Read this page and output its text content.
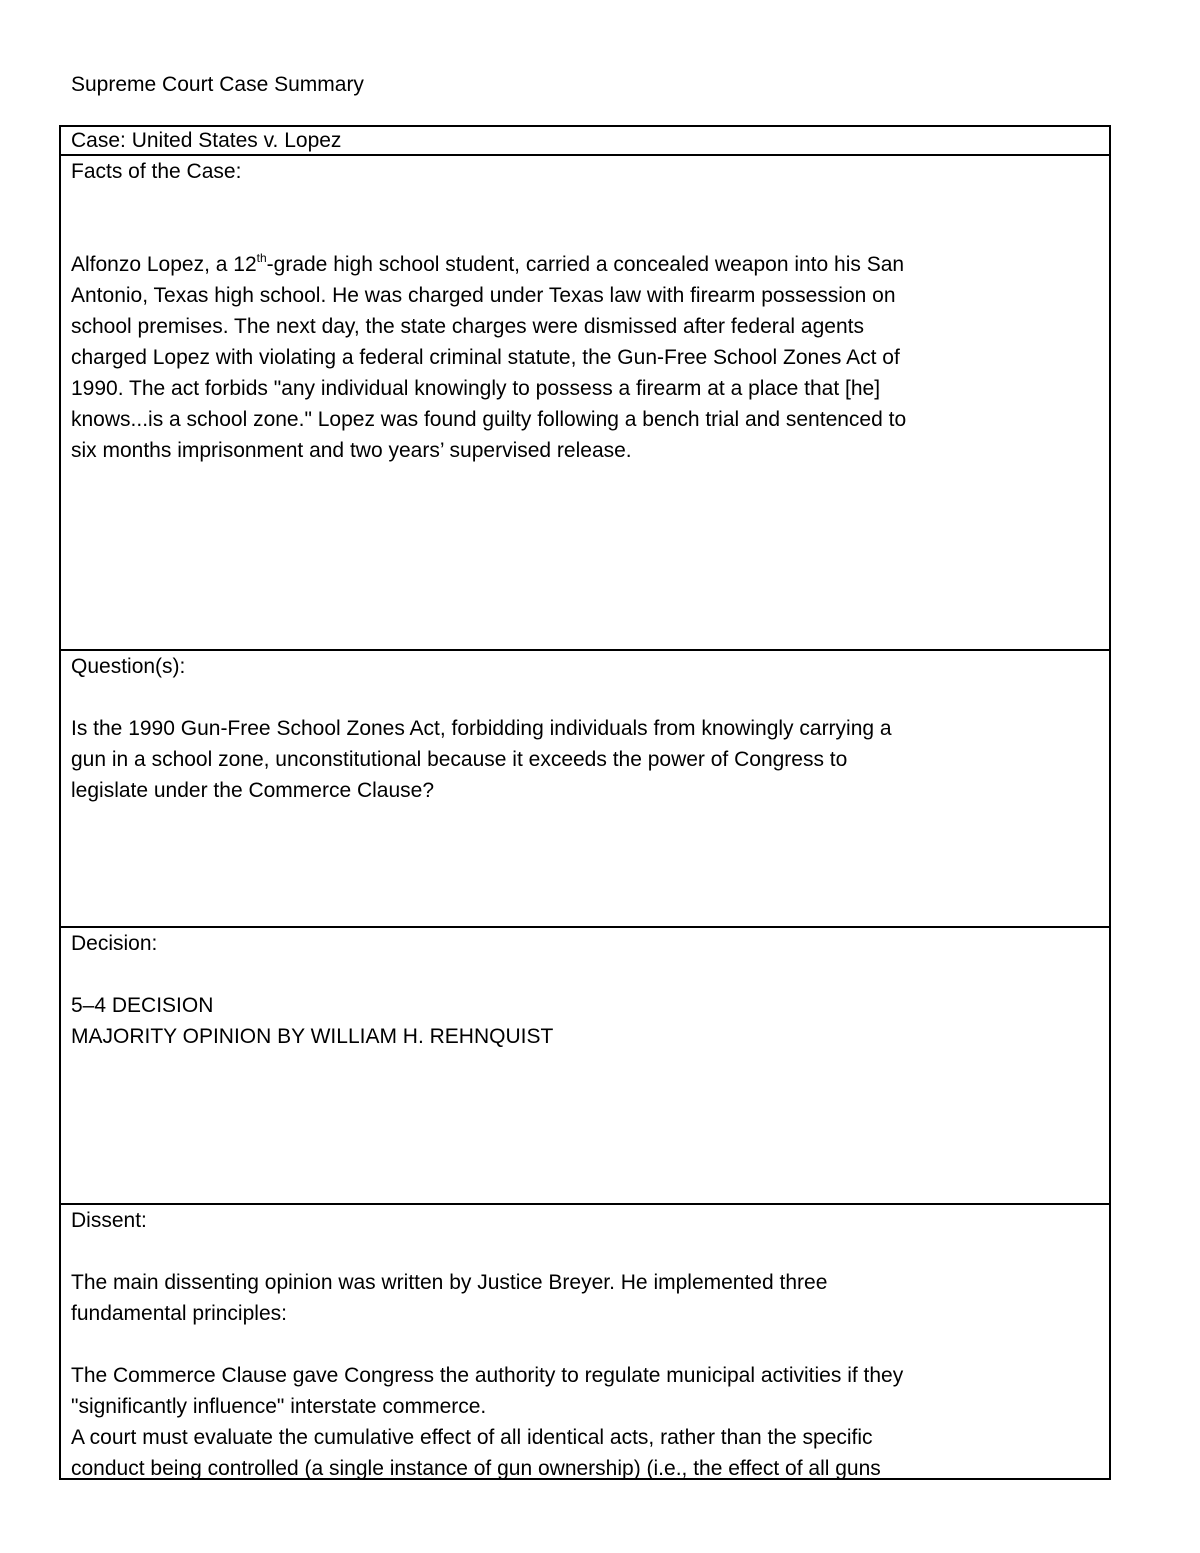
Supreme Court Case Summary
Case: United States v. Lopez
Facts of the Case:
Alfonzo Lopez, a 12th-grade high school student, carried a concealed weapon into his San
Antonio, Texas high school. He was charged under Texas law with firearm possession on
school premises. The next day, the state charges were dismissed after federal agents
charged Lopez with violating a federal criminal statute, the Gun-Free School Zones Act of
1990. The act forbids "any individual knowingly to possess a firearm at a place that [he]
knows...is a school zone." Lopez was found guilty following a bench trial and sentenced to
six months imprisonment and two years’ supervised release.
Question(s):
Is the 1990 Gun-Free School Zones Act, forbidding individuals from knowingly carrying a
gun in a school zone, unconstitutional because it exceeds the power of Congress to
legislate under the Commerce Clause?
Decision:
5–4 DECISION
MAJORITY OPINION BY WILLIAM H. REHNQUIST
Dissent:
The main dissenting opinion was written by Justice Breyer. He implemented three
fundamental principles:
The Commerce Clause gave Congress the authority to regulate municipal activities if they
"significantly influence" interstate commerce.
A court must evaluate the cumulative effect of all identical acts, rather than the specific
conduct being controlled (a single instance of gun ownership) (i.e., the effect of all guns
